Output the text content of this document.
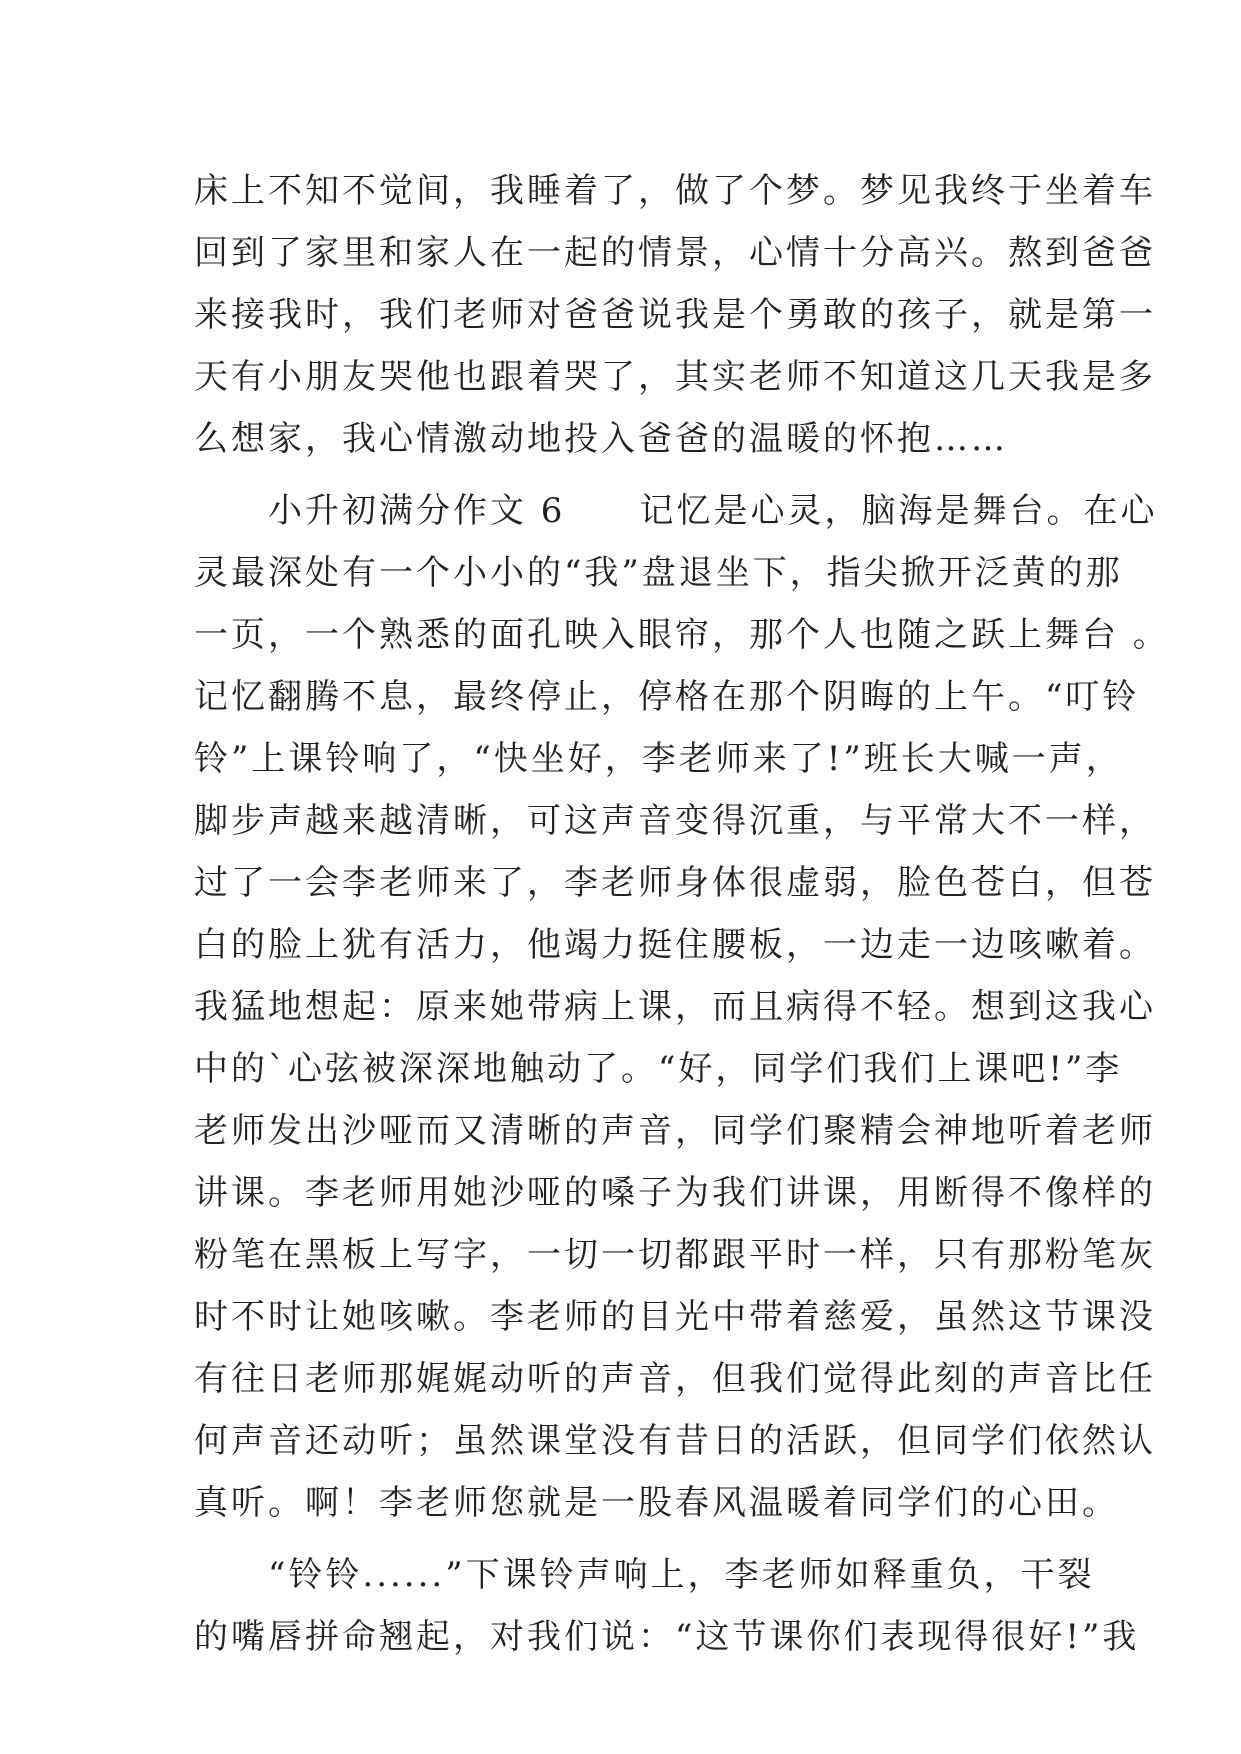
床上不知不觉间，我睡着了，做了个梦。梦见我终于坐着车
回到了家里和家人在一起的情景，心情十分高兴。熬到爸爸
来接我时，我们老师对爸爸说我是个勇敢的孩子，就是第一
天有小朋友哭他也跟着哭了，其实老师不知道这几天我是多
么想家，我心情激动地投入爸爸的温暖的怀抱……
　　小升初满分作文 6　　记忆是心灵，脑海是舞台。在心
灵最深处有一个小小的“我”盘退坐下，指尖掀开泛黄的那
一页，一个熟悉的面孔映入眼帘，那个人也随之跃上舞台 。
记忆翻腾不息，最终停止，停格在那个阴晦的上午。“叮铃
铃”上课铃响了，“快坐好，李老师来了!”班长大喊一声，
脚步声越来越清晰，可这声音变得沉重，与平常大不一样，
过了一会李老师来了，李老师身体很虚弱，脸色苍白，但苍
白的脸上犹有活力，他竭力挺住腰板，一边走一边咳嗽着。
我猛地想起：原来她带病上课，而且病得不轻。想到这我心
中的`心弦被深深地触动了。“好，同学们我们上课吧!”李
老师发出沙哑而又清晰的声音，同学们聚精会神地听着老师
讲课。李老师用她沙哑的嗓子为我们讲课，用断得不像样的
粉笔在黑板上写字，一切一切都跟平时一样，只有那粉笔灰
时不时让她咳嗽。李老师的目光中带着慈爱，虽然这节课没
有往日老师那娓娓动听的声音，但我们觉得此刻的声音比任
何声音还动听；虽然课堂没有昔日的活跃，但同学们依然认
真听。啊！李老师您就是一股春风温暖着同学们的心田。
　　“铃铃......”下课铃声响上，李老师如释重负，干裂
的嘴唇拼命翘起，对我们说：“这节课你们表现得很好!”我
